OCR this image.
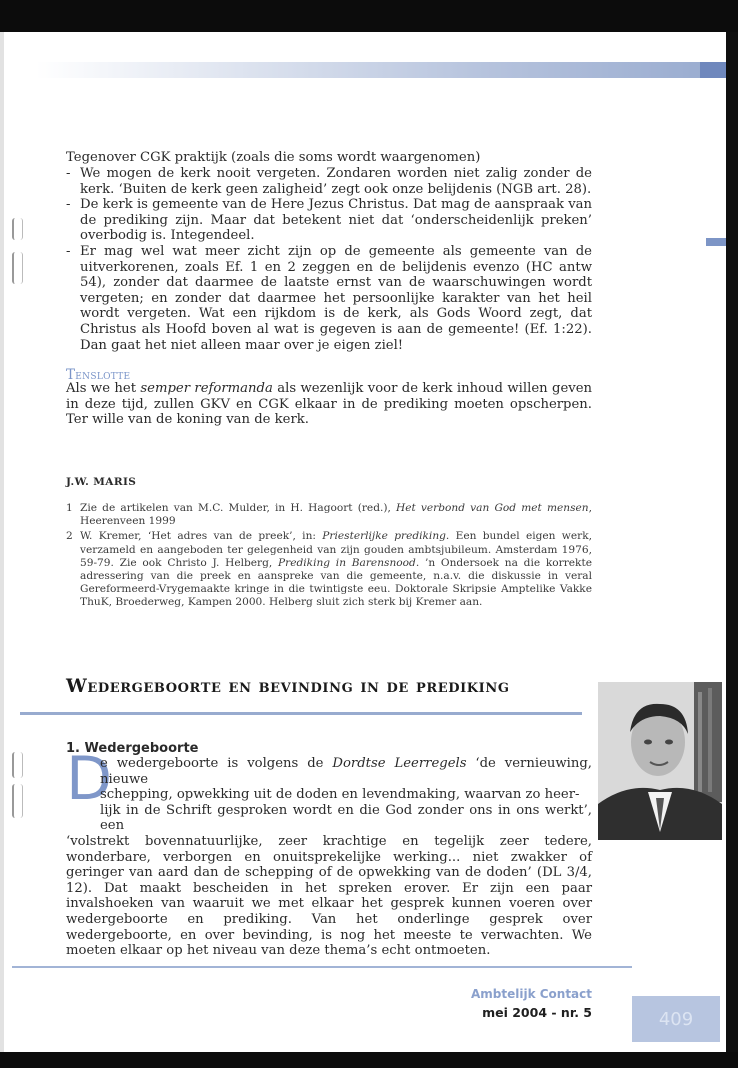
Tegenover CGK praktijk (zoals die soms wordt waargenomen)
- We mogen de kerk nooit vergeten. Zondaren worden niet zalig zonder de kerk. ‘Buiten de kerk geen zaligheid’ zegt ook onze belijdenis (NGB art. 28).
- De kerk is gemeente van de Here Jezus Christus. Dat mag de aanspraak van de prediking zijn. Maar dat betekent niet dat ‘onderscheidenlijk preken’ overbodig is. Integendeel.
- Er mag wel wat meer zicht zijn op de gemeente als gemeente van de uitverkorenen, zoals Ef. 1 en 2 zeggen en de belijdenis evenzo (HC antw 54), zonder dat daarmee de laatste ernst van de waarschuwingen wordt vergeten; en zonder dat daarmee het persoonlijke karakter van het heil wordt vergeten. Wat een rijkdom is de kerk, als Gods Woord zegt, dat Christus als Hoofd boven al wat is gegeven is aan de gemeente! (Ef. 1:22). Dan gaat het niet alleen maar over je eigen ziel!
Tenslotte
Als we het semper reformanda als wezenlijk voor de kerk inhoud willen geven in deze tijd, zullen GKV en CGK elkaar in de prediking moeten opscherpen. Ter wille van de koning van de kerk.
J.W. MARIS
1 Zie de artikelen van M.C. Mulder, in H. Hagoort (red.), Het verbond van God met mensen, Heerenveen 1999
2 W. Kremer, ‘Het adres van de preek’, in: Priesterlijke prediking. Een bundel eigen werk, verzameld en aangeboden ter gelegenheid van zijn gouden ambtsjubileum. Amsterdam 1976, 59-79. Zie ook Christo J. Helberg, Prediking in Barensnood. ’n Ondersoek na die korrekte adressering van die preek en aanspreke van die gemeente, n.a.v. die diskussie in veral Gereformeerd-Vrygemaakte kringe in die twintigste eeu. Doktorale Skripsie Amptelike Vakke ThuK, Broederweg, Kampen 2000. Helberg sluit zich sterk bij Kremer aan.
Wedergeboorte en bevinding in de prediking
1. Wedergeboorte
D
e wedergeboorte is volgens de Dordtse Leerregels ‘de vernieuwing, nieuwe
schepping, opwekking uit de doden en levendmaking, waarvan zo heer-
lijk in de Schrift gesproken wordt en die God zonder ons in ons werkt’, een
‘volstrekt bovennatuurlijke, zeer krachtige en tegelijk zeer tedere, wonderbare, verborgen en onuitsprekelijke werking... niet zwakker of geringer van aard dan de schepping of de opwekking van de doden’ (DL 3/4, 12). Dat maakt bescheiden in het spreken erover. Er zijn een paar invalshoeken van waaruit we met elkaar het gesprek kunnen voeren over wedergeboorte en prediking. Van het onderlinge gesprek over wedergeboorte, en over bevinding, is nog het meeste te verwachten. We moeten elkaar op het niveau van deze thema’s echt ontmoeten.
Ambtelijk Contact
mei 2004 - nr. 5	409
